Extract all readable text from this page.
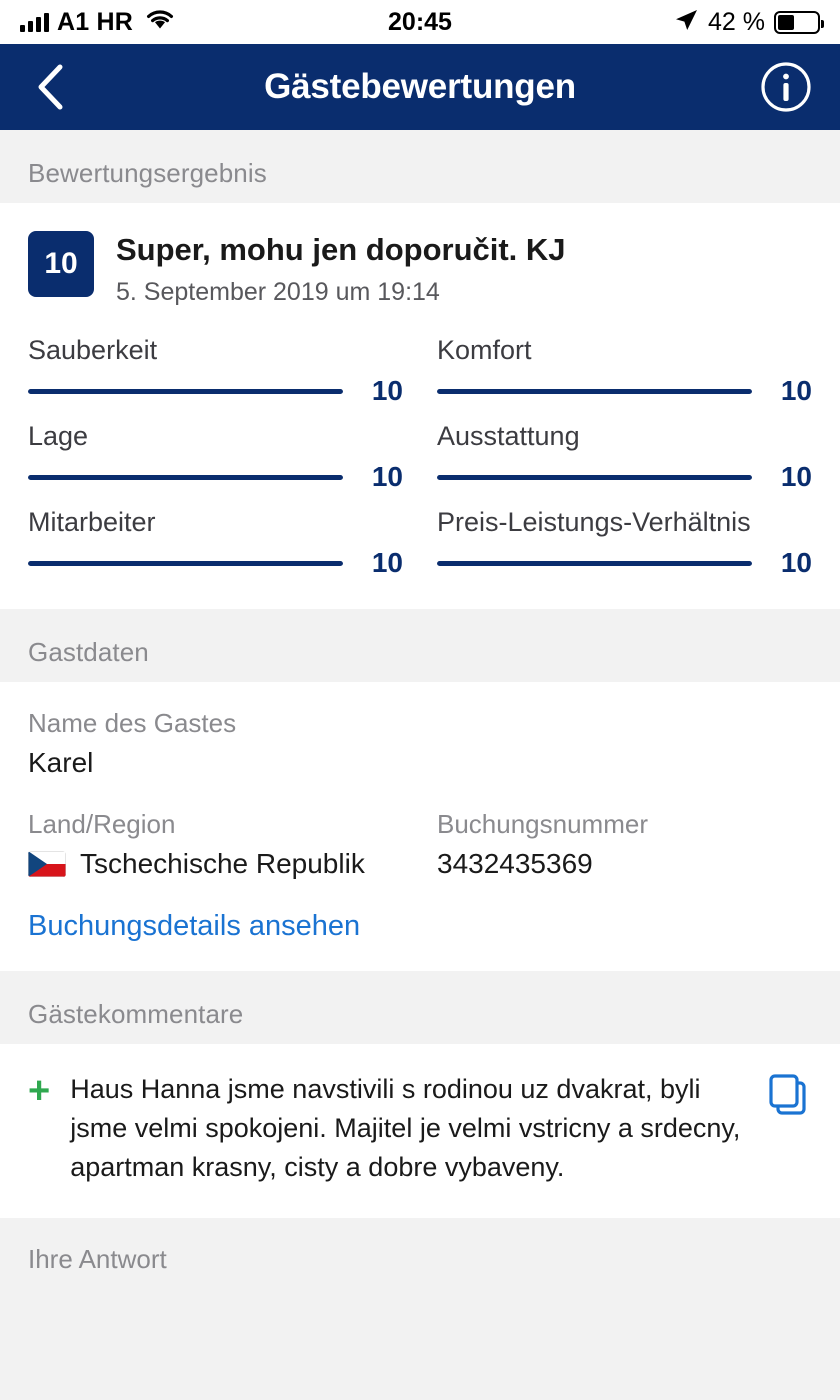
A1 HR	20:45	42 %
Gästebewertungen
Bewertungsergebnis
10	Super, mohu jen doporučit. KJ
5. September 2019 um 19:14
Sauberkeit
10
Komfort
10
Lage
10
Ausstattung
10
Mitarbeiter
10
Preis-Leistungs-Verhältnis
10
Gastdaten
Name des Gastes
Karel
Land/Region
Tschechische Republik
Buchungsnummer
3432435369
Buchungsdetails ansehen
Gästekommentare
+ Haus Hanna jsme navstivili s rodinou uz dvakrat, byli jsme velmi spokojeni. Majitel je velmi vstricny a srdecny, apartman krasny, cisty a dobre vybaveny.
Ihre Antwort
